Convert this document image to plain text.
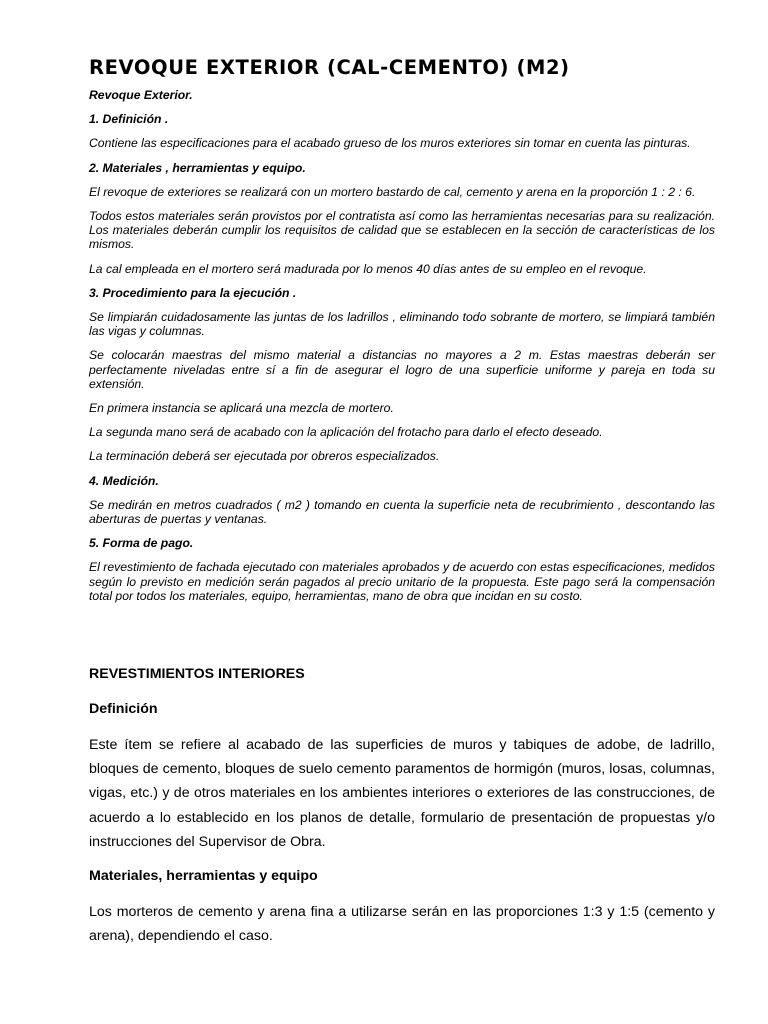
REVOQUE EXTERIOR (CAL-CEMENTO) (M2)

Revoque Exterior.

1. Definición .

Contiene las especificaciones para el acabado grueso de los muros exteriores sin tomar en cuenta las pinturas.

2. Materiales , herramientas y equipo.

El revoque de exteriores se realizará con un mortero bastardo de cal, cemento y arena en la proporción 1 : 2 : 6.

Todos estos materiales serán provistos por el contratista así como las herramientas necesarias para su realización. Los materiales deberán cumplir los requisitos de calidad que se establecen en la sección de características de los mismos.

La cal empleada en el mortero será madurada por lo menos 40 días antes de su empleo en el revoque.

3. Procedimiento para la ejecución .

Se limpiarán cuidadosamente las juntas de los ladrillos , eliminando todo sobrante de mortero, se limpiará también las vigas y columnas.

Se colocarán maestras del mismo material a distancias no mayores a 2 m. Estas maestras deberán ser perfectamente niveladas entre sí a fin de asegurar el logro de una superficie uniforme y pareja en toda su extensión.

En primera instancia se aplicará una mezcla de mortero.

La segunda mano será de acabado con la aplicación del frotacho para darlo el efecto deseado.

La terminación deberá ser ejecutada por obreros especializados.

4. Medición.

Se medirán en metros cuadrados ( m2 ) tomando en cuenta la superficie neta de recubrimiento , descontando las aberturas de puertas y ventanas.

5. Forma de pago.

El revestimiento de fachada ejecutado con materiales aprobados y de acuerdo con estas especificaciones, medidos según lo previsto en medición serán pagados al precio unitario de la propuesta. Este pago será la compensación total por todos los materiales, equipo, herramientas, mano de obra que incidan en su costo.

REVESTIMIENTOS INTERIORES

Definición

Este ítem se refiere al acabado de las superficies de muros y tabiques de adobe, de ladrillo, bloques de cemento, bloques de suelo cemento paramentos de hormigón (muros, losas, columnas, vigas, etc.) y de otros materiales en los ambientes interiores o exteriores de las construcciones, de acuerdo a lo establecido en los planos de detalle, formulario de presentación de propuestas y/o instrucciones del Supervisor de Obra.

Materiales, herramientas y equipo

Los morteros de cemento y arena fina a utilizarse serán en las proporciones 1:3 y 1:5 (cemento y arena), dependiendo el caso.
